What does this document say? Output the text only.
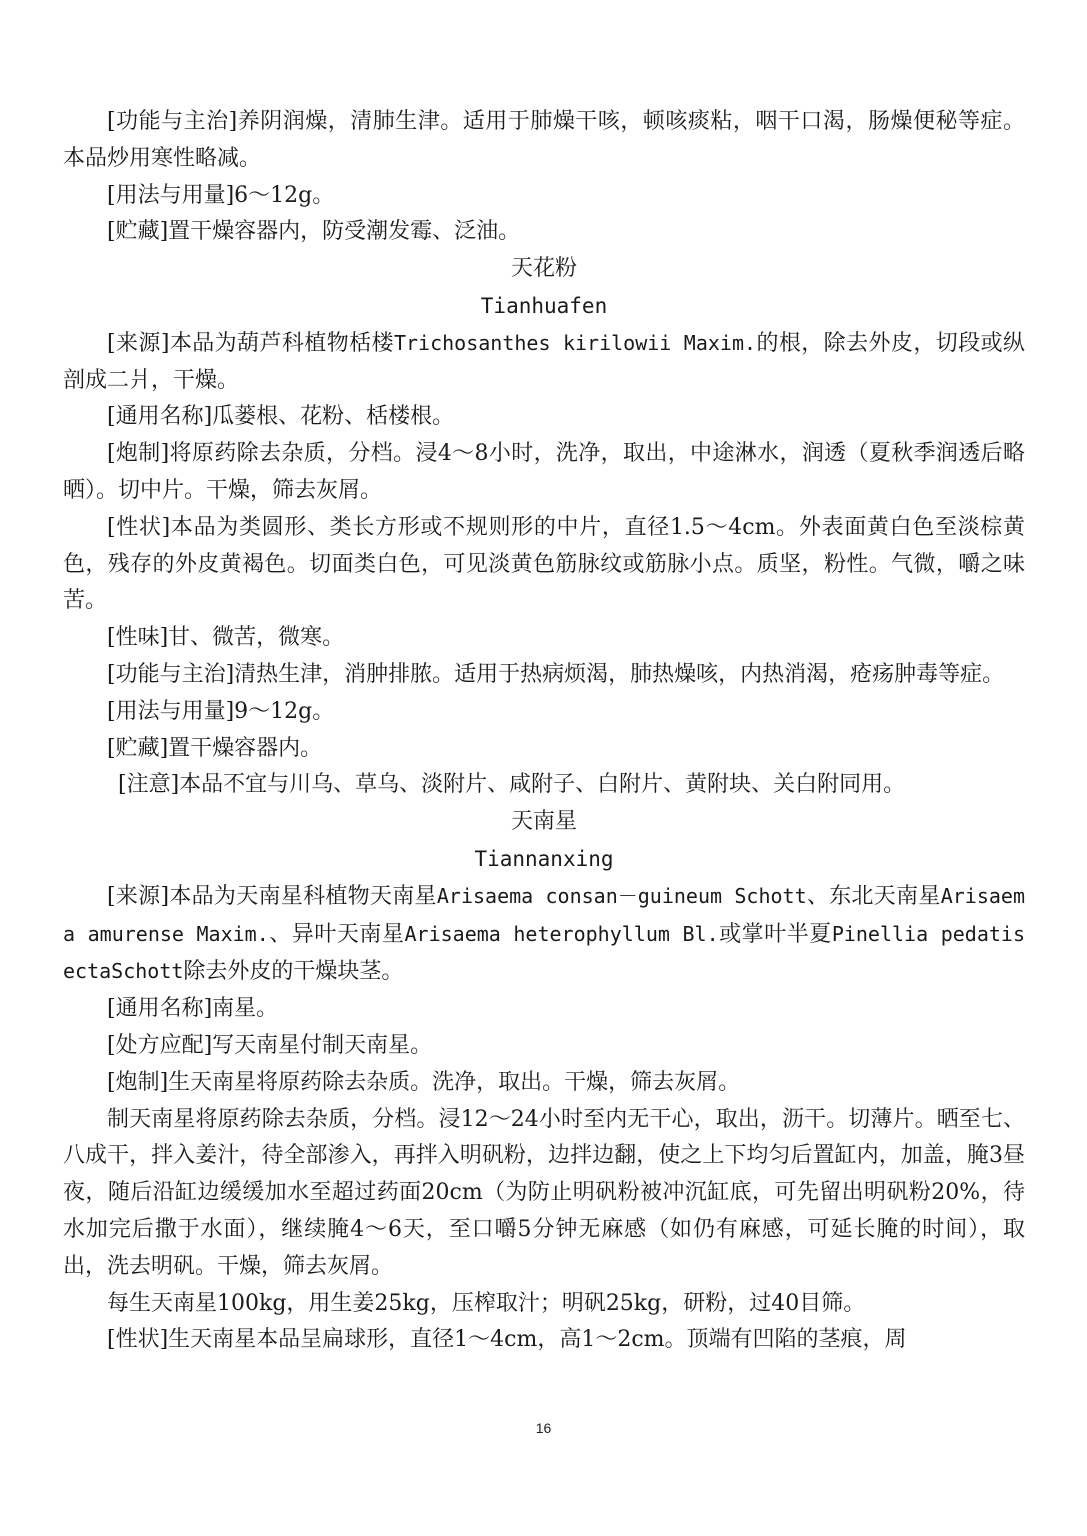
[功能与主治]养阴润燥，清肺生津。适用于肺燥干咳，顿咳痰粘，咽干口渴，肠燥便秘等症。本品炒用寒性略减。

[用法与用量]6～12g。

[贮藏]置干燥容器内，防受潮发霉、泛油。

天花粉

Tianhuafen

[来源]本品为葫芦科植物栝楼Trichosanthes kirilowii Maxim.的根，除去外皮，切段或纵剖成二爿，干燥。

[通用名称]瓜蒌根、花粉、栝楼根。

[炮制]将原药除去杂质，分档。浸4～8小时，洗净，取出，中途淋水，润透（夏秋季润透后略晒）。切中片。干燥，筛去灰屑。

[性状]本品为类圆形、类长方形或不规则形的中片，直径1.5～4cm。外表面黄白色至淡棕黄色，残存的外皮黄褐色。切面类白色，可见淡黄色筋脉纹或筋脉小点。质坚，粉性。气微，嚼之味苦。

[性味]甘、微苦，微寒。

[功能与主治]清热生津，消肿排脓。适用于热病烦渴，肺热燥咳，内热消渴，疮疡肿毒等症。

[用法与用量]9～12g。

[贮藏]置干燥容器内。

[注意]本品不宜与川乌、草乌、淡附片、咸附子、白附片、黄附块、关白附同用。

天南星

Tiannanxing

[来源]本品为天南星科植物天南星Arisaema consan－guineum Schott、东北天南星Arisaema amurense Maxim.、异叶天南星Arisaema heterophyllum Bl.或掌叶半夏Pinellia pedatisectaSchott除去外皮的干燥块茎。

[通用名称]南星。

[处方应配]写天南星付制天南星。

[炮制]生天南星将原药除去杂质。洗净，取出。干燥，筛去灰屑。

制天南星将原药除去杂质，分档。浸12～24小时至内无干心，取出，沥干。切薄片。晒至七、八成干，拌入姜汁，待全部渗入，再拌入明矾粉，边拌边翻，使之上下均匀后置缸内，加盖，腌3昼夜，随后沿缸边缓缓加水至超过药面20cm（为防止明矾粉被冲沉缸底，可先留出明矾粉20%，待水加完后撒于水面），继续腌4～6天，至口嚼5分钟无麻感（如仍有麻感，可延长腌的时间），取出，洗去明矾。干燥，筛去灰屑。

每生天南星100kg，用生姜25kg，压榨取汁；明矾25kg，研粉，过40目筛。

[性状]生天南星本品呈扁球形，直径1～4cm，高1～2cm。顶端有凹陷的茎痕，周

16
